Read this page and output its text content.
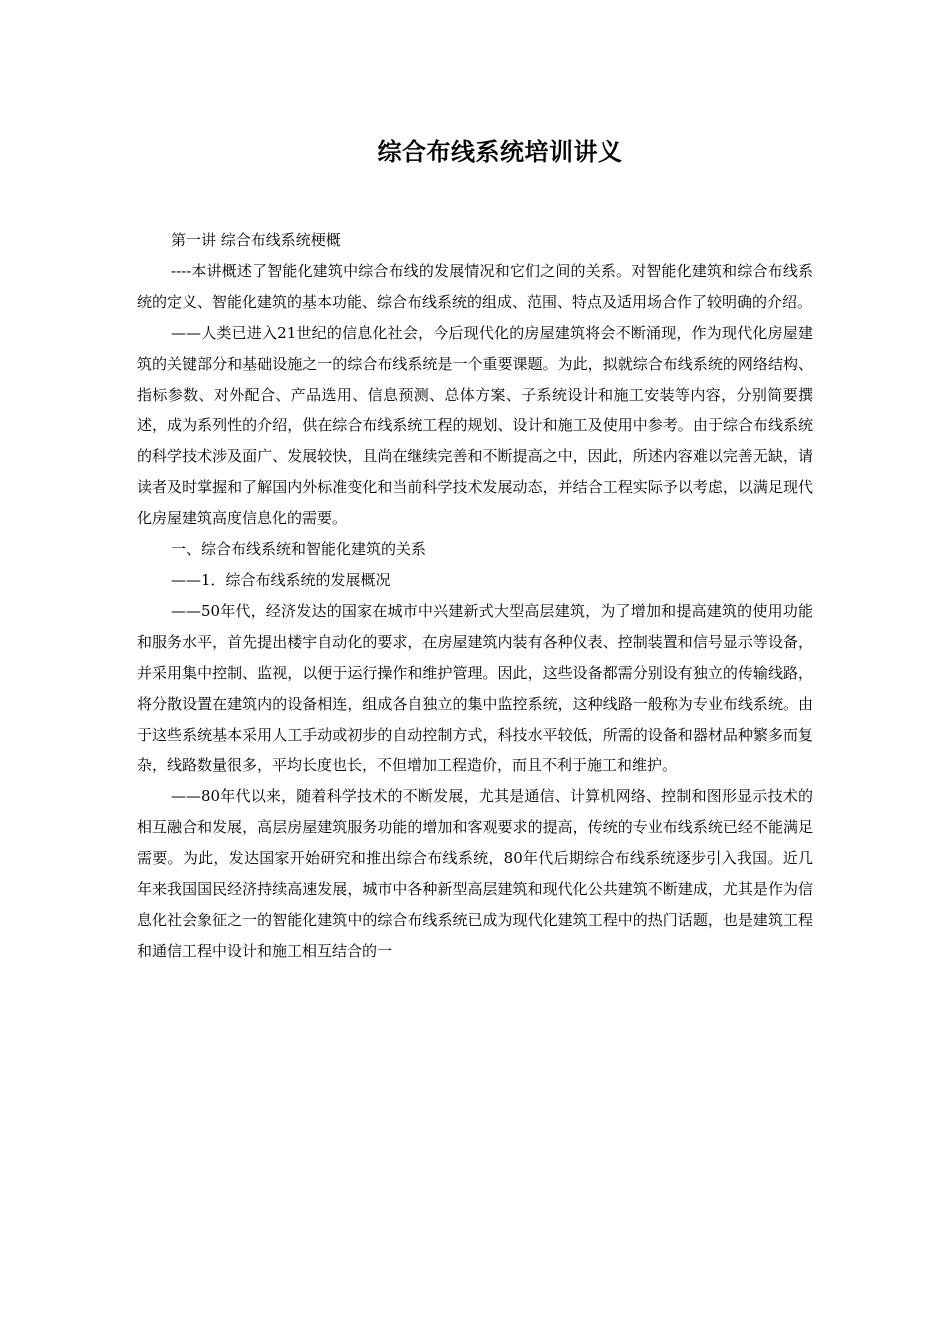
综合布线系统培训讲义

第一讲 综合布线系统梗概

----本讲概述了智能化建筑中综合布线的发展情况和它们之间的关系。对智能化建筑和综合布线系统的定义、智能化建筑的基本功能、综合布线系统的组成、范围、特点及适用场合作了较明确的介绍。

——人类已进入21世纪的信息化社会，今后现代化的房屋建筑将会不断涌现，作为现代化房屋建筑的关键部分和基础设施之一的综合布线系统是一个重要课题。为此，拟就综合布线系统的网络结构、指标参数、对外配合、产品选用、信息预测、总体方案、子系统设计和施工安装等内容，分别简要撰述，成为系列性的介绍，供在综合布线系统工程的规划、设计和施工及使用中参考。由于综合布线系统的科学技术涉及面广、发展较快，且尚在继续完善和不断提高之中，因此，所述内容难以完善无缺，请读者及时掌握和了解国内外标准变化和当前科学技术发展动态，并结合工程实际予以考虑，以满足现代化房屋建筑高度信息化的需要。

一、综合布线系统和智能化建筑的关系

——1．综合布线系统的发展概况

——50年代，经济发达的国家在城市中兴建新式大型高层建筑，为了增加和提高建筑的使用功能和服务水平，首先提出楼宇自动化的要求，在房屋建筑内装有各种仪表、控制装置和信号显示等设备，并采用集中控制、监视，以便于运行操作和维护管理。因此，这些设备都需分别设有独立的传输线路，将分散设置在建筑内的设备相连，组成各自独立的集中监控系统，这种线路一般称为专业布线系统。由于这些系统基本采用人工手动或初步的自动控制方式，科技水平较低，所需的设备和器材品种繁多而复杂，线路数量很多，平均长度也长，不但增加工程造价，而且不利于施工和维护。

——80年代以来，随着科学技术的不断发展，尤其是通信、计算机网络、控制和图形显示技术的相互融合和发展，高层房屋建筑服务功能的增加和客观要求的提高，传统的专业布线系统已经不能满足需要。为此，发达国家开始研究和推出综合布线系统，80年代后期综合布线系统逐步引入我国。近几年来我国国民经济持续高速发展，城市中各种新型高层建筑和现代化公共建筑不断建成，尤其是作为信息化社会象征之一的智能化建筑中的综合布线系统已成为现代化建筑工程中的热门话题，也是建筑工程和通信工程中设计和施工相互结合的一
